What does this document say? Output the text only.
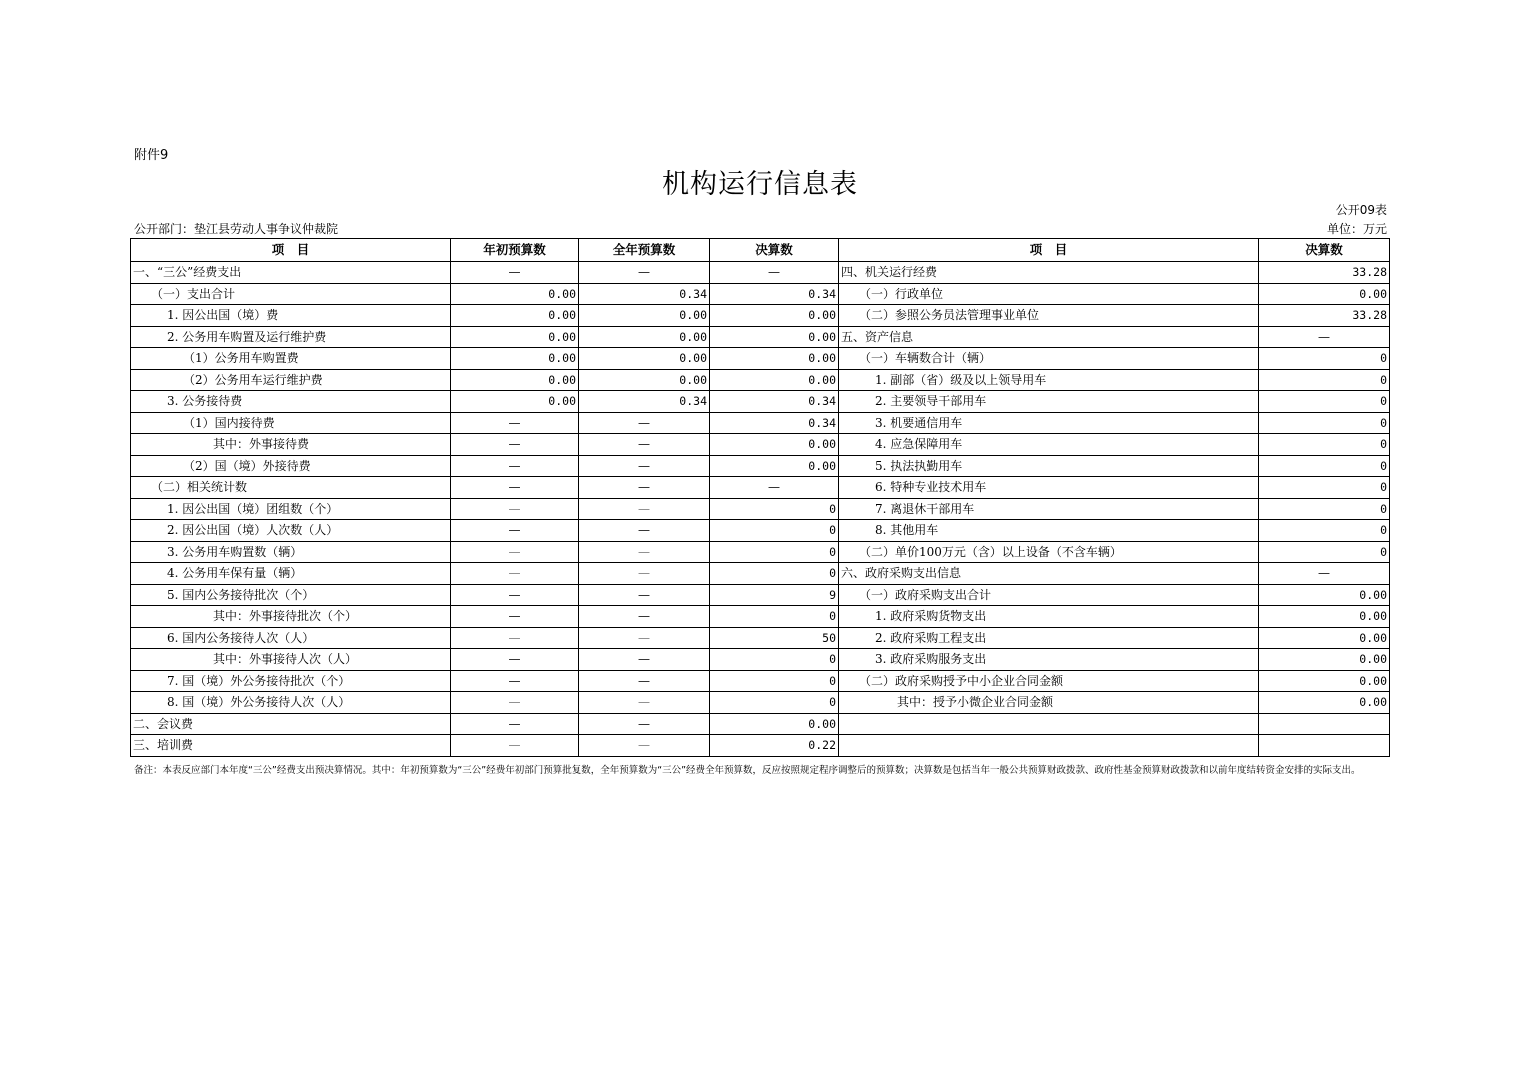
附件9
机构运行信息表
公开09表
公开部门：垫江县劳动人事争议仲裁院	单位：万元
项　目	年初预算数	全年预算数	决算数	项　目	决算数
一、“三公”经费支出	—	—	—	四、机关运行经费	33.28
（一）支出合计	0.00	0.34	0.34	（一）行政单位	0.00
1. 因公出国（境）费	0.00	0.00	0.00	（二）参照公务员法管理事业单位	33.28
2. 公务用车购置及运行维护费	0.00	0.00	0.00	五、资产信息	—
（1）公务用车购置费	0.00	0.00	0.00	（一）车辆数合计（辆）	0
（2）公务用车运行维护费	0.00	0.00	0.00	1. 副部（省）级及以上领导用车	0
3. 公务接待费	0.00	0.34	0.34	2. 主要领导干部用车	0
（1）国内接待费	—	—	0.34	3. 机要通信用车	0
其中：外事接待费	—	—	0.00	4. 应急保障用车	0
（2）国（境）外接待费	—	—	0.00	5. 执法执勤用车	0
（二）相关统计数	—	—	—	6. 特种专业技术用车	0
1. 因公出国（境）团组数（个）	—	—	0	7. 离退休干部用车	0
2. 因公出国（境）人次数（人）	—	—	0	8. 其他用车	0
3. 公务用车购置数（辆）	—	—	0	（二）单价100万元（含）以上设备（不含车辆）	0
4. 公务用车保有量（辆）	—	—	0	六、政府采购支出信息	—
5. 国内公务接待批次（个）	—	—	9	（一）政府采购支出合计	0.00
其中：外事接待批次（个）	—	—	0	1. 政府采购货物支出	0.00
6. 国内公务接待人次（人）	—	—	50	2. 政府采购工程支出	0.00
其中：外事接待人次（人）	—	—	0	3. 政府采购服务支出	0.00
7. 国（境）外公务接待批次（个）	—	—	0	（二）政府采购授予中小企业合同金额	0.00
8. 国（境）外公务接待人次（人）	—	—	0	其中：授予小微企业合同金额	0.00
二、会议费	—	—	0.00		
三、培训费	—	—	0.22		
备注：本表反应部门本年度“三公”经费支出预决算情况。其中：年初预算数为“三公”经费年初部门预算批复数，全年预算数为“三公”经费全年预算数，反应按照规定程序调整后的预算数；决算数是包括当年一般公共预算财政拨款、政府性基金预算财政拨款和以前年度结转资金安排的实际支出。
